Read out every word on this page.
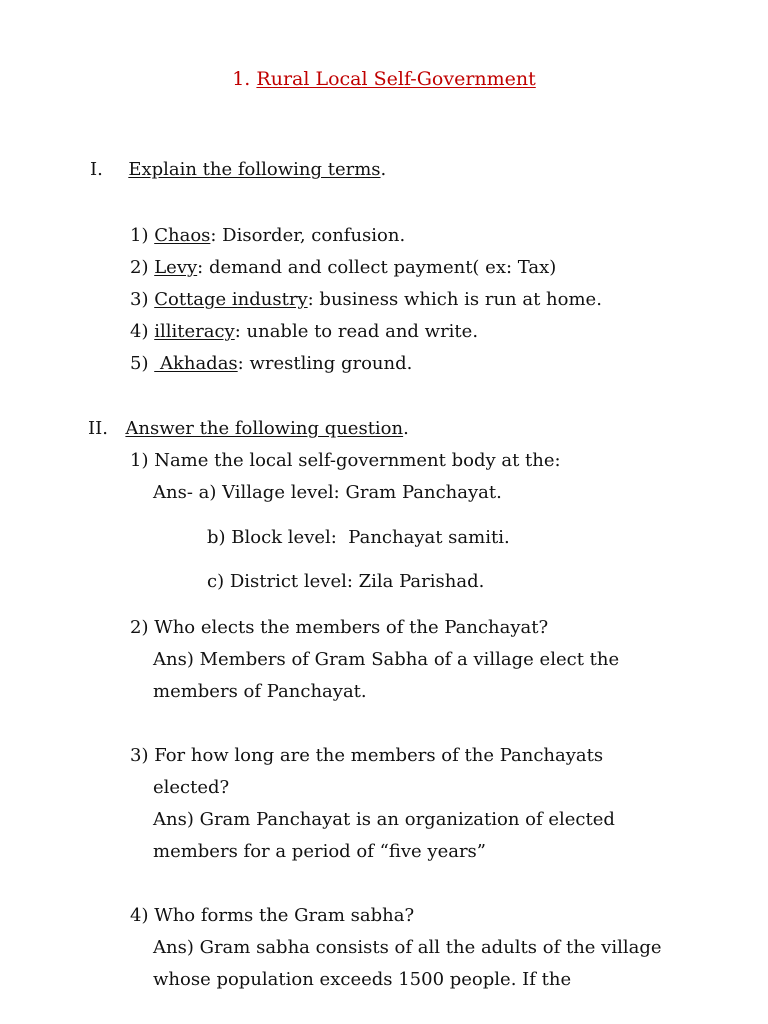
1. Rural Local Self-Government
I. Explain the following terms.
1) Chaos: Disorder, confusion.
2) Levy: demand and collect payment( ex: Tax)
3) Cottage industry: business which is run at home.
4) illiteracy: unable to read and write.
5)  Akhadas: wrestling ground.
II. Answer the following question.
1) Name the local self-government body at the:
Ans- a) Village level: Gram Panchayat.
b) Block level:  Panchayat samiti.
c) District level: Zila Parishad.
2) Who elects the members of the Panchayat?
Ans) Members of Gram Sabha of a village elect the
members of Panchayat.
3) For how long are the members of the Panchayats
elected?
Ans) Gram Panchayat is an organization of elected
members for a period of “five years”
4) Who forms the Gram sabha?
Ans) Gram sabha consists of all the adults of the village
whose population exceeds 1500 people. If the
